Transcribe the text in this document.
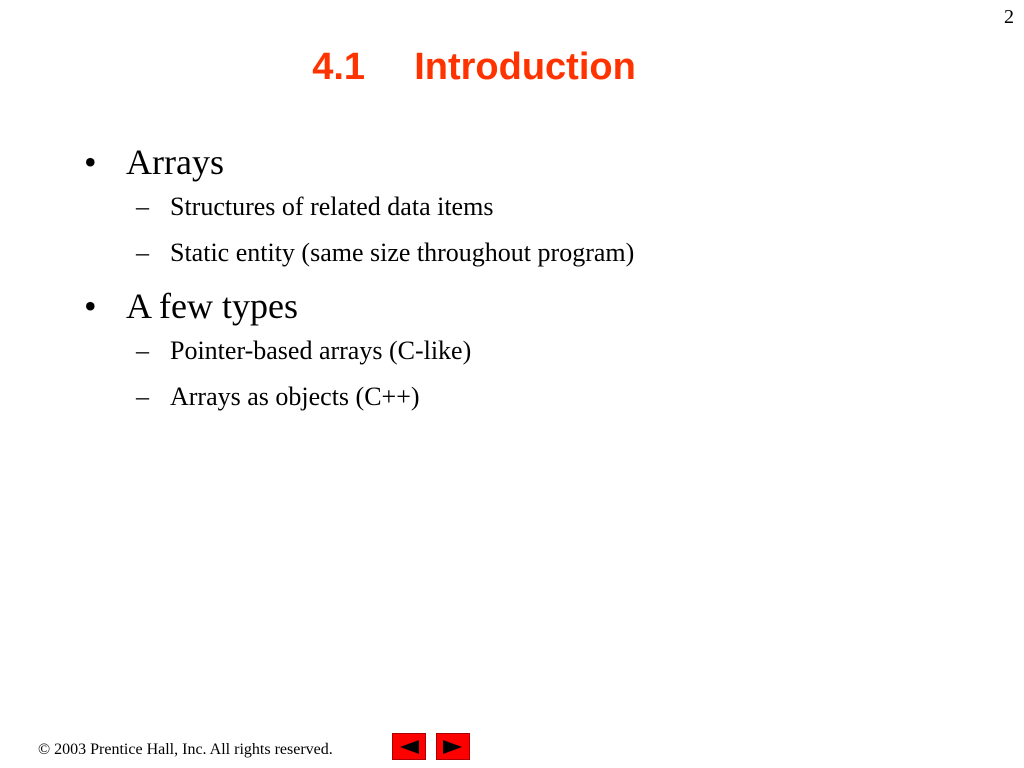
2
4.1 Introduction
• Arrays
– Structures of related data items
– Static entity (same size throughout program)
• A few types
– Pointer-based arrays (C-like)
– Arrays as objects (C++)
© 2003 Prentice Hall, Inc. All rights reserved.
